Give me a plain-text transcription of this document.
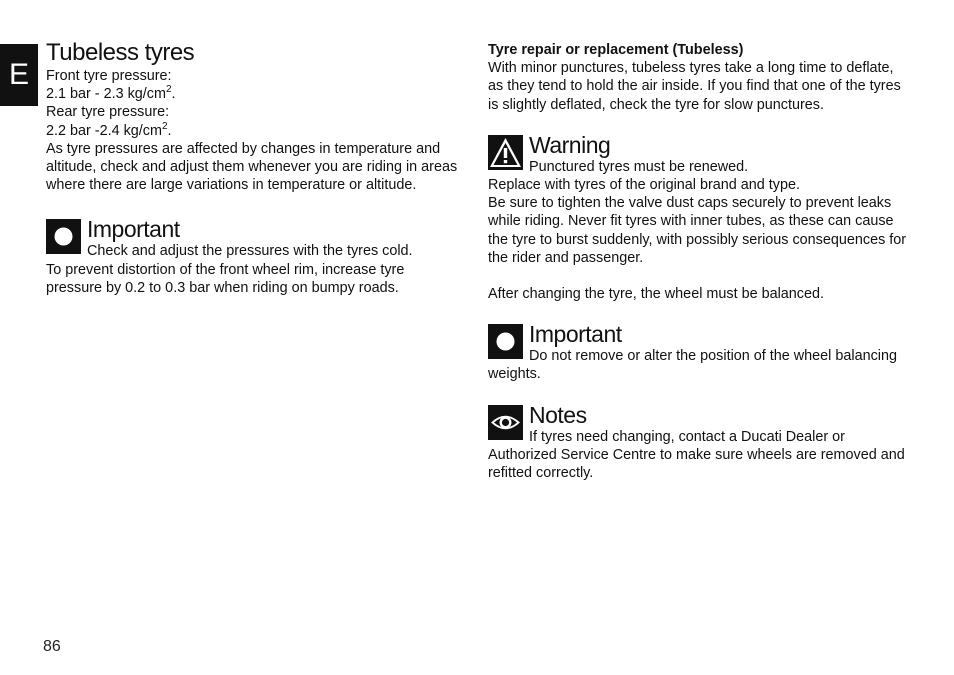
E
Tubeless tyres

Front tyre pressure:

2.1 bar - 2.3 $kg/cm^2$.

Rear tyre pressure:

2.2 bar -2.4 $kg/cm^2$.

As tyre pressures are affected by changes in temperature and altitude, check and adjust them whenever you are riding in areas where there are large variations in temperature or altitude.

Important

Check and adjust the pressures with the tyres cold.

To prevent distortion of the front wheel rim, increase tyre pressure by 0.2 to 0.3 bar when riding on bumpy roads.

Tyre repair or replacement (Tubeless)

With minor punctures, tubeless tyres take a long time to deflate, as they tend to hold the air inside. If you find that one of the tyres is slightly deflated, check the tyre for slow punctures.

Warning

Punctured tyres must be renewed.

Replace with tyres of the original brand and type.

Be sure to tighten the valve dust caps securely to prevent leaks while riding. Never fit tyres with inner tubes, as these can cause the tyre to burst suddenly, with possibly serious consequences for the rider and passenger.

After changing the tyre, the wheel must be balanced.

Important

Do not remove or alter the position of the wheel balancing weights.

Notes

If tyres need changing, contact a Ducati Dealer or Authorized Service Centre to make sure wheels are removed and refitted correctly.

86
